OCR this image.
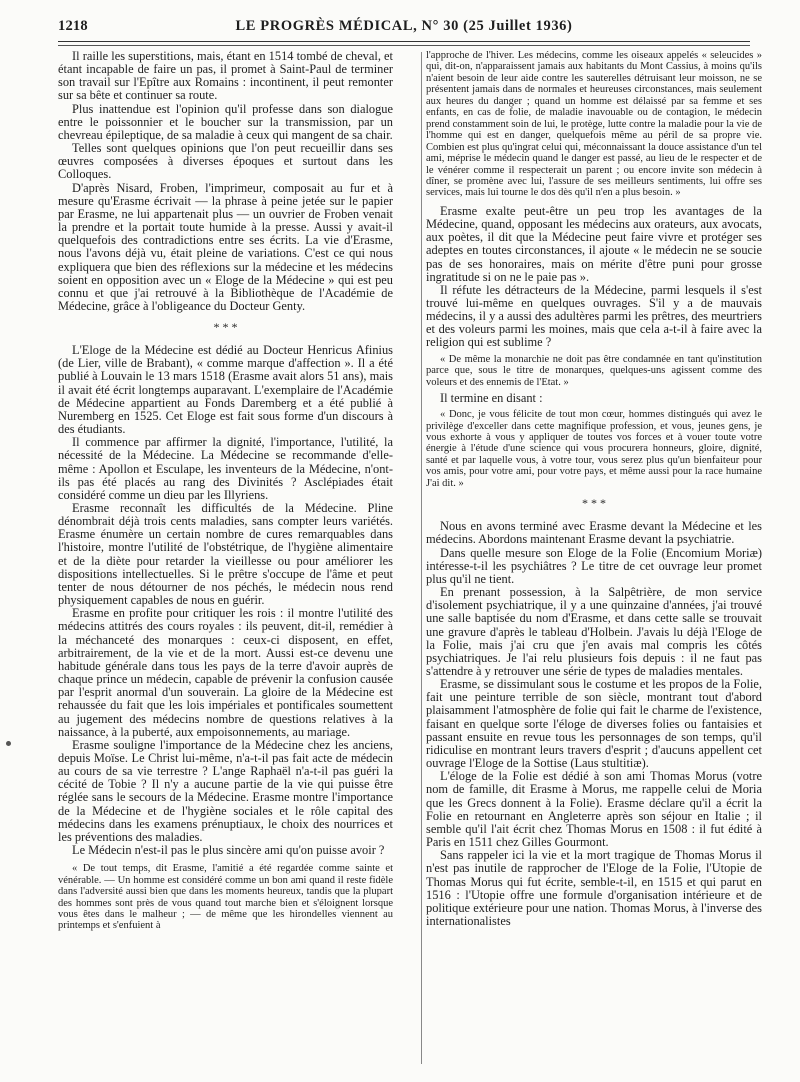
1218	LE PROGRÈS MÉDICAL, N° 30 (25 Juillet 1936)

Il raille les superstitions, mais, étant en 1514 tombé de cheval, et étant incapable de faire un pas, il promet à Saint-Paul de terminer son travail sur l'Epître aux Romains : incontinent, il peut remonter sur sa bête et continuer sa route.

Plus inattendue est l'opinion qu'il professe dans son dialogue entre le poissonnier et le boucher sur la transmission, par un chevreau épileptique, de sa maladie à ceux qui mangent de sa chair.

Telles sont quelques opinions que l'on peut recueillir dans ses œuvres composées à diverses époques et surtout dans les Colloques.

D'après Nisard, Froben, l'imprimeur, composait au fur et à mesure qu'Erasme écrivait — la phrase à peine jetée sur le papier par Erasme, ne lui appartenait plus — un ouvrier de Froben venait la prendre et la portait toute humide à la presse. Aussi y avait-il quelquefois des contradictions entre ses écrits. La vie d'Erasme, nous l'avons déjà vu, était pleine de variations. C'est ce qui nous expliquera que bien des réflexions sur la médecine et les médecins soient en opposition avec un « Eloge de la Médecine » qui est peu connu et que j'ai retrouvé à la Bibliothèque de l'Académie de Médecine, grâce à l'obligeance du Docteur Genty.

* * *

L'Eloge de la Médecine est dédié au Docteur Henricus Afinius (de Lier, ville de Brabant), « comme marque d'affection ». Il a été publié à Louvain le 13 mars 1518 (Erasme avait alors 51 ans), mais il avait été écrit longtemps auparavant. L'exemplaire de l'Académie de Médecine appartient au Fonds Daremberg et a été publié à Nuremberg en 1525. Cet Eloge est fait sous forme d'un discours à des étudiants.

Il commence par affirmer la dignité, l'importance, l'utilité, la nécessité de la Médecine. La Médecine se recommande d'elle-même : Apollon et Esculape, les inventeurs de la Médecine, n'ont-ils pas été placés au rang des Divinités ? Asclépiades était considéré comme un dieu par les Illyriens.

Erasme reconnaît les difficultés de la Médecine. Pline dénombrait déjà trois cents maladies, sans compter leurs variétés. Erasme énumère un certain nombre de cures remarquables dans l'histoire, montre l'utilité de l'obstétrique, de l'hygiène alimentaire et de la diète pour retarder la vieillesse ou pour améliorer les dispositions intellectuelles. Si le prêtre s'occupe de l'âme et peut tenter de nous détourner de nos péchés, le médecin nous rend physiquement capables de nous en guérir.

Erasme en profite pour critiquer les rois : il montre l'utilité des médecins attitrés des cours royales : ils peuvent, dit-il, remédier à la méchanceté des monarques : ceux-ci disposent, en effet, arbitrairement, de la vie et de la mort. Aussi est-ce devenu une habitude générale dans tous les pays de la terre d'avoir auprès de chaque prince un médecin, capable de prévenir la confusion causée par l'esprit anormal d'un souverain. La gloire de la Médecine est rehaussée du fait que les lois impériales et pontificales soumettent au jugement des médecins nombre de questions relatives à la naissance, à la puberté, aux empoisonnements, au mariage.

Erasme souligne l'importance de la Médecine chez les anciens, depuis Moïse. Le Christ lui-même, n'a-t-il pas fait acte de médecin au cours de sa vie terrestre ? L'ange Raphaël n'a-t-il pas guéri la cécité de Tobie ? Il n'y a aucune partie de la vie qui puisse être réglée sans le secours de la Médecine. Erasme montre l'importance de la Médecine et de l'hygiène sociales et le rôle capital des médecins dans les examens prénuptiaux, le choix des nourrices et les préventions des maladies.

Le Médecin n'est-il pas le plus sincère ami qu'on puisse avoir ?

« De tout temps, dit Erasme, l'amitié a été regardée comme sainte et vénérable. — Un homme est considéré comme un bon ami quand il reste fidèle dans l'adversité aussi bien que dans les moments heureux, tandis que la plupart des hommes sont près de vous quand tout marche bien et s'éloignent lorsque vous êtes dans le malheur ; — de même que les hirondelles viennent au printemps et s'enfuient à

l'approche de l'hiver. Les médecins, comme les oiseaux appelés « seleucides » qui, dit-on, n'apparaissent jamais aux habitants du Mont Cassius, à moins qu'ils n'aient besoin de leur aide contre les sauterelles détruisant leur moisson, ne se présentent jamais dans de normales et heureuses circonstances, mais seulement aux heures du danger ; quand un homme est délaissé par sa femme et ses enfants, en cas de folie, de maladie inavouable ou de contagion, le médecin prend constamment soin de lui, le protège, lutte contre la maladie pour la vie de l'homme qui est en danger, quelquefois même au péril de sa propre vie. Combien est plus qu'ingrat celui qui, méconnaissant la douce assistance d'un tel ami, méprise le médecin quand le danger est passé, au lieu de le respecter et de le vénérer comme il respecterait un parent ; ou encore invite son médecin à dîner, se promène avec lui, l'assure de ses meilleurs sentiments, lui offre ses services, mais lui tourne le dos dès qu'il n'en a plus besoin. »

Erasme exalte peut-être un peu trop les avantages de la Médecine, quand, opposant les médecins aux orateurs, aux avocats, aux poètes, il dit que la Médecine peut faire vivre et protéger ses adeptes en toutes circonstances, il ajoute « le médecin ne se soucie pas de ses honoraires, mais on mérite d'être puni pour grosse ingratitude si on ne le paie pas ».

Il réfute les détracteurs de la Médecine, parmi lesquels il s'est trouvé lui-même en quelques ouvrages. S'il y a de mauvais médecins, il y a aussi des adultères parmi les prêtres, des meurtriers et des voleurs parmi les moines, mais que cela a-t-il à faire avec la religion qui est sublime ?

« De même la monarchie ne doit pas être condamnée en tant qu'institution parce que, sous le titre de monarques, quelques-uns agissent comme des voleurs et des ennemis de l'Etat. »

Il termine en disant :

« Donc, je vous félicite de tout mon cœur, hommes distingués qui avez le privilège d'exceller dans cette magnifique profession, et vous, jeunes gens, je vous exhorte à vous y appliquer de toutes vos forces et à vouer toute votre énergie à l'étude d'une science qui vous procurera honneurs, gloire, dignité, santé et par laquelle vous, à votre tour, vous serez plus qu'un bienfaiteur pour vos amis, pour votre ami, pour votre pays, et même aussi pour la race humaine J'ai dit. »

* * *

Nous en avons terminé avec Erasme devant la Médecine et les médecins. Abordons maintenant Erasme devant la psychiatrie.

Dans quelle mesure son Eloge de la Folie (Encomium Moriæ) intéresse-t-il les psychiâtres ? Le titre de cet ouvrage leur promet plus qu'il ne tient.

En prenant possession, à la Salpêtrière, de mon service d'isolement psychiatrique, il y a une quinzaine d'années, j'ai trouvé une salle baptisée du nom d'Erasme, et dans cette salle se trouvait une gravure d'après le tableau d'Holbein. J'avais lu déjà l'Eloge de la Folie, mais j'ai cru que j'en avais mal compris les côtés psychiatriques. Je l'ai relu plusieurs fois depuis : il ne faut pas s'attendre à y retrouver une série de types de maladies mentales.

Erasme, se dissimulant sous le costume et les propos de la Folie, fait une peinture terrible de son siècle, montrant tout d'abord plaisamment l'atmosphère de folie qui fait le charme de l'existence, faisant en quelque sorte l'éloge de diverses folies ou fantaisies et passant ensuite en revue tous les personnages de son temps, qu'il ridiculise en montrant leurs travers d'esprit ; d'aucuns appellent cet ouvrage l'Eloge de la Sottise (Laus stultitiæ).

L'éloge de la Folie est dédié à son ami Thomas Morus (votre nom de famille, dit Erasme à Morus, me rappelle celui de Moria que les Grecs donnent à la Folie). Erasme déclare qu'il a écrit la Folie en retournant en Angleterre après son séjour en Italie ; il semble qu'il l'ait écrit chez Thomas Morus en 1508 : il fut édité à Paris en 1511 chez Gilles Gourmont.

Sans rappeler ici la vie et la mort tragique de Thomas Morus il n'est pas inutile de rapprocher de l'Eloge de la Folie, l'Utopie de Thomas Morus qui fut écrite, semble-t-il, en 1515 et qui parut en 1516 : l'Utopie offre une formule d'organisation intérieure et de politique extérieure pour une nation. Thomas Morus, à l'inverse des internationalistes
